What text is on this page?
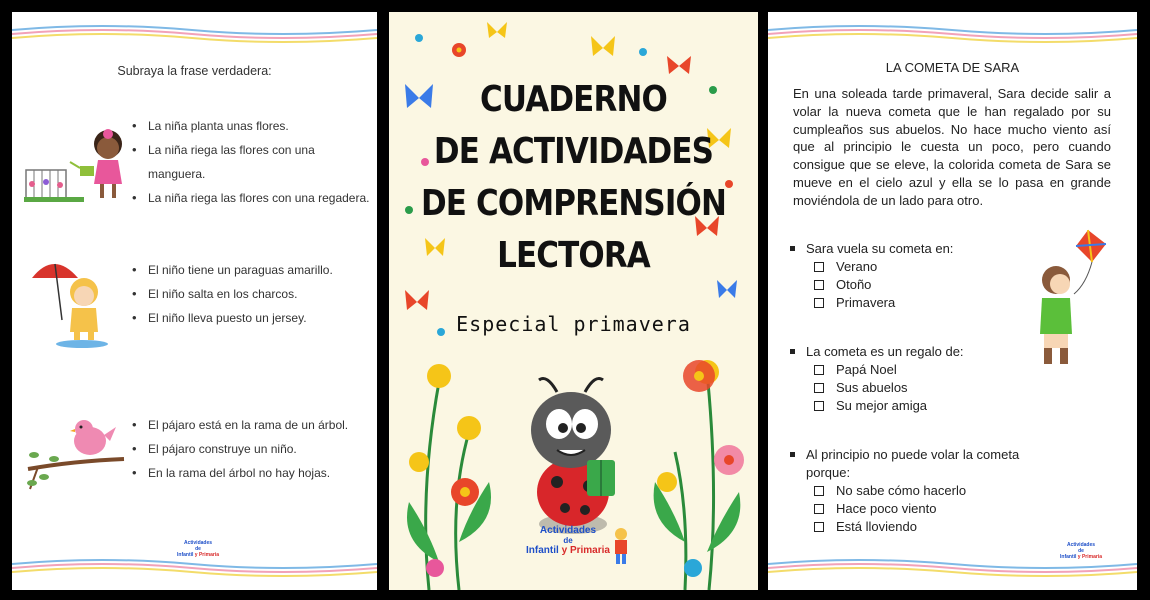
Subraya la frase verdadera:
• La niña planta unas flores.
• La niña riega las flores con una manguera.
• La niña riega las flores con una regadera.
• El niño tiene un paraguas amarillo.
• El niño salta en los charcos.
• El niño lleva puesto un jersey.
• El pájaro está en la rama de un árbol.
• El pájaro construye un niño.
• En la rama del árbol no hay hojas.
Actividades
de
Infantil y Primaria
CUADERNO
DE ACTIVIDADES
DE COMPRENSIÓN
LECTORA
Especial primavera
Actividades
de
Infantil y Primaria
LA COMETA DE SARA
En una soleada tarde primaveral, Sara decide salir a volar la nueva cometa que le han regalado por su cumpleaños sus abuelos. No hace mucho viento así que al principio le cuesta un poco, pero cuando consigue que se eleve, la colorida cometa de Sara se mueve en el cielo azul y ella se lo pasa en grande moviéndola de un lado para otro.
Sara vuela su cometa en:
Verano
Otoño
Primavera
La cometa es un regalo de:
Papá Noel
Sus abuelos
Su mejor amiga
Al principio no puede volar la cometa porque:
No sabe cómo hacerlo
Hace poco viento
Está lloviendo
Actividades
de
Infantil y Primaria
